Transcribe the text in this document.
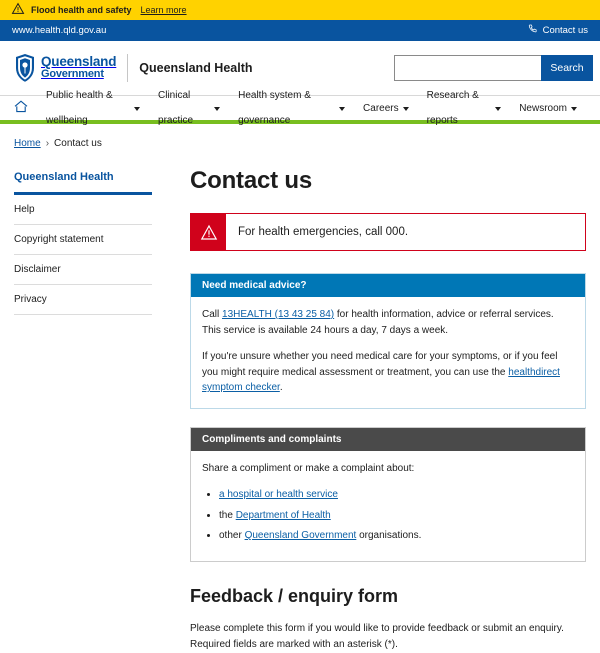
Flood health and safety Learn more
www.health.qld.gov.au	Contact us
Queensland
Government	Queensland Health	Search
Public health & wellbeing
Clinical practice
Health system & governance
Careers
Research & reports
Newsroom
Home › Contact us
Queensland Health
Help
Copyright statement
Disclaimer
Privacy
Contact us
For health emergencies, call 000.
Need medical advice?

Call 13HEALTH (13 43 25 84) for health information, advice or referral services. This service is available 24 hours a day, 7 days a week.

If you're unsure whether you need medical care for your symptoms, or if you feel you might require medical assessment or treatment, you can use the healthdirect symptom checker.

Compliments and complaints

Share a compliment or make a complaint about:

• a hospital or health service
• the Department of Health
• other Queensland Government organisations.
Feedback / enquiry form

Please complete this form if you would like to provide feedback or submit an enquiry.

Required fields are marked with an asterisk (*).
